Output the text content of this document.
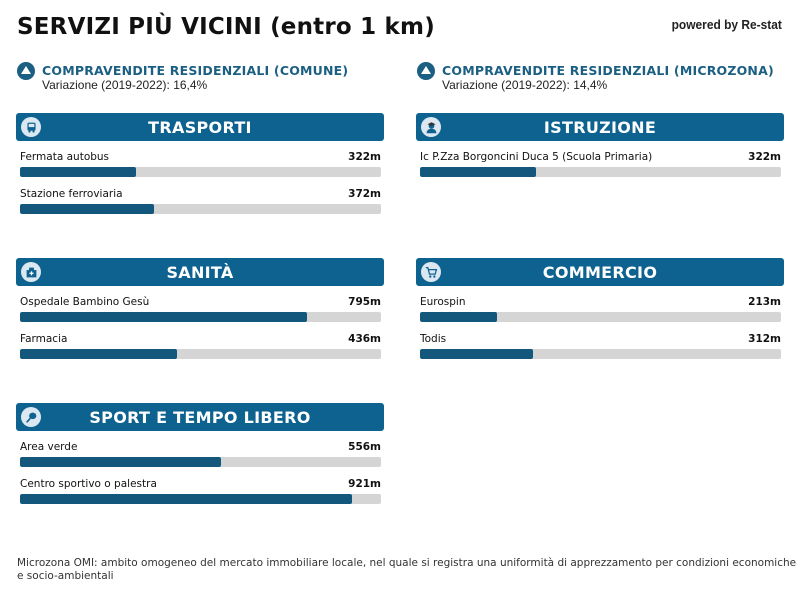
SERVIZI PIÙ VICINI (entro 1 km)	powered by Re-stat
COMPRAVENDITE RESIDENZIALI (COMUNE)
Variazione (2019-2022): 16,4%
COMPRAVENDITE RESIDENZIALI (MICROZONA)
Variazione (2019-2022): 14,4%
TRASPORTI
Fermata autobus	322m
Stazione ferroviaria	372m
ISTRUZIONE
Ic P.Zza Borgoncini Duca 5 (Scuola Primaria)	322m
SANITÀ
Ospedale Bambino Gesù	795m
Farmacia	436m
COMMERCIO
Eurospin	213m
Todis	312m
SPORT E TEMPO LIBERO
Area verde	556m
Centro sportivo o palestra	921m

Microzona OMI: ambito omogeneo del mercato immobiliare locale, nel quale si registra una uniformità di apprezzamento per condizioni economiche e socio-ambientali
